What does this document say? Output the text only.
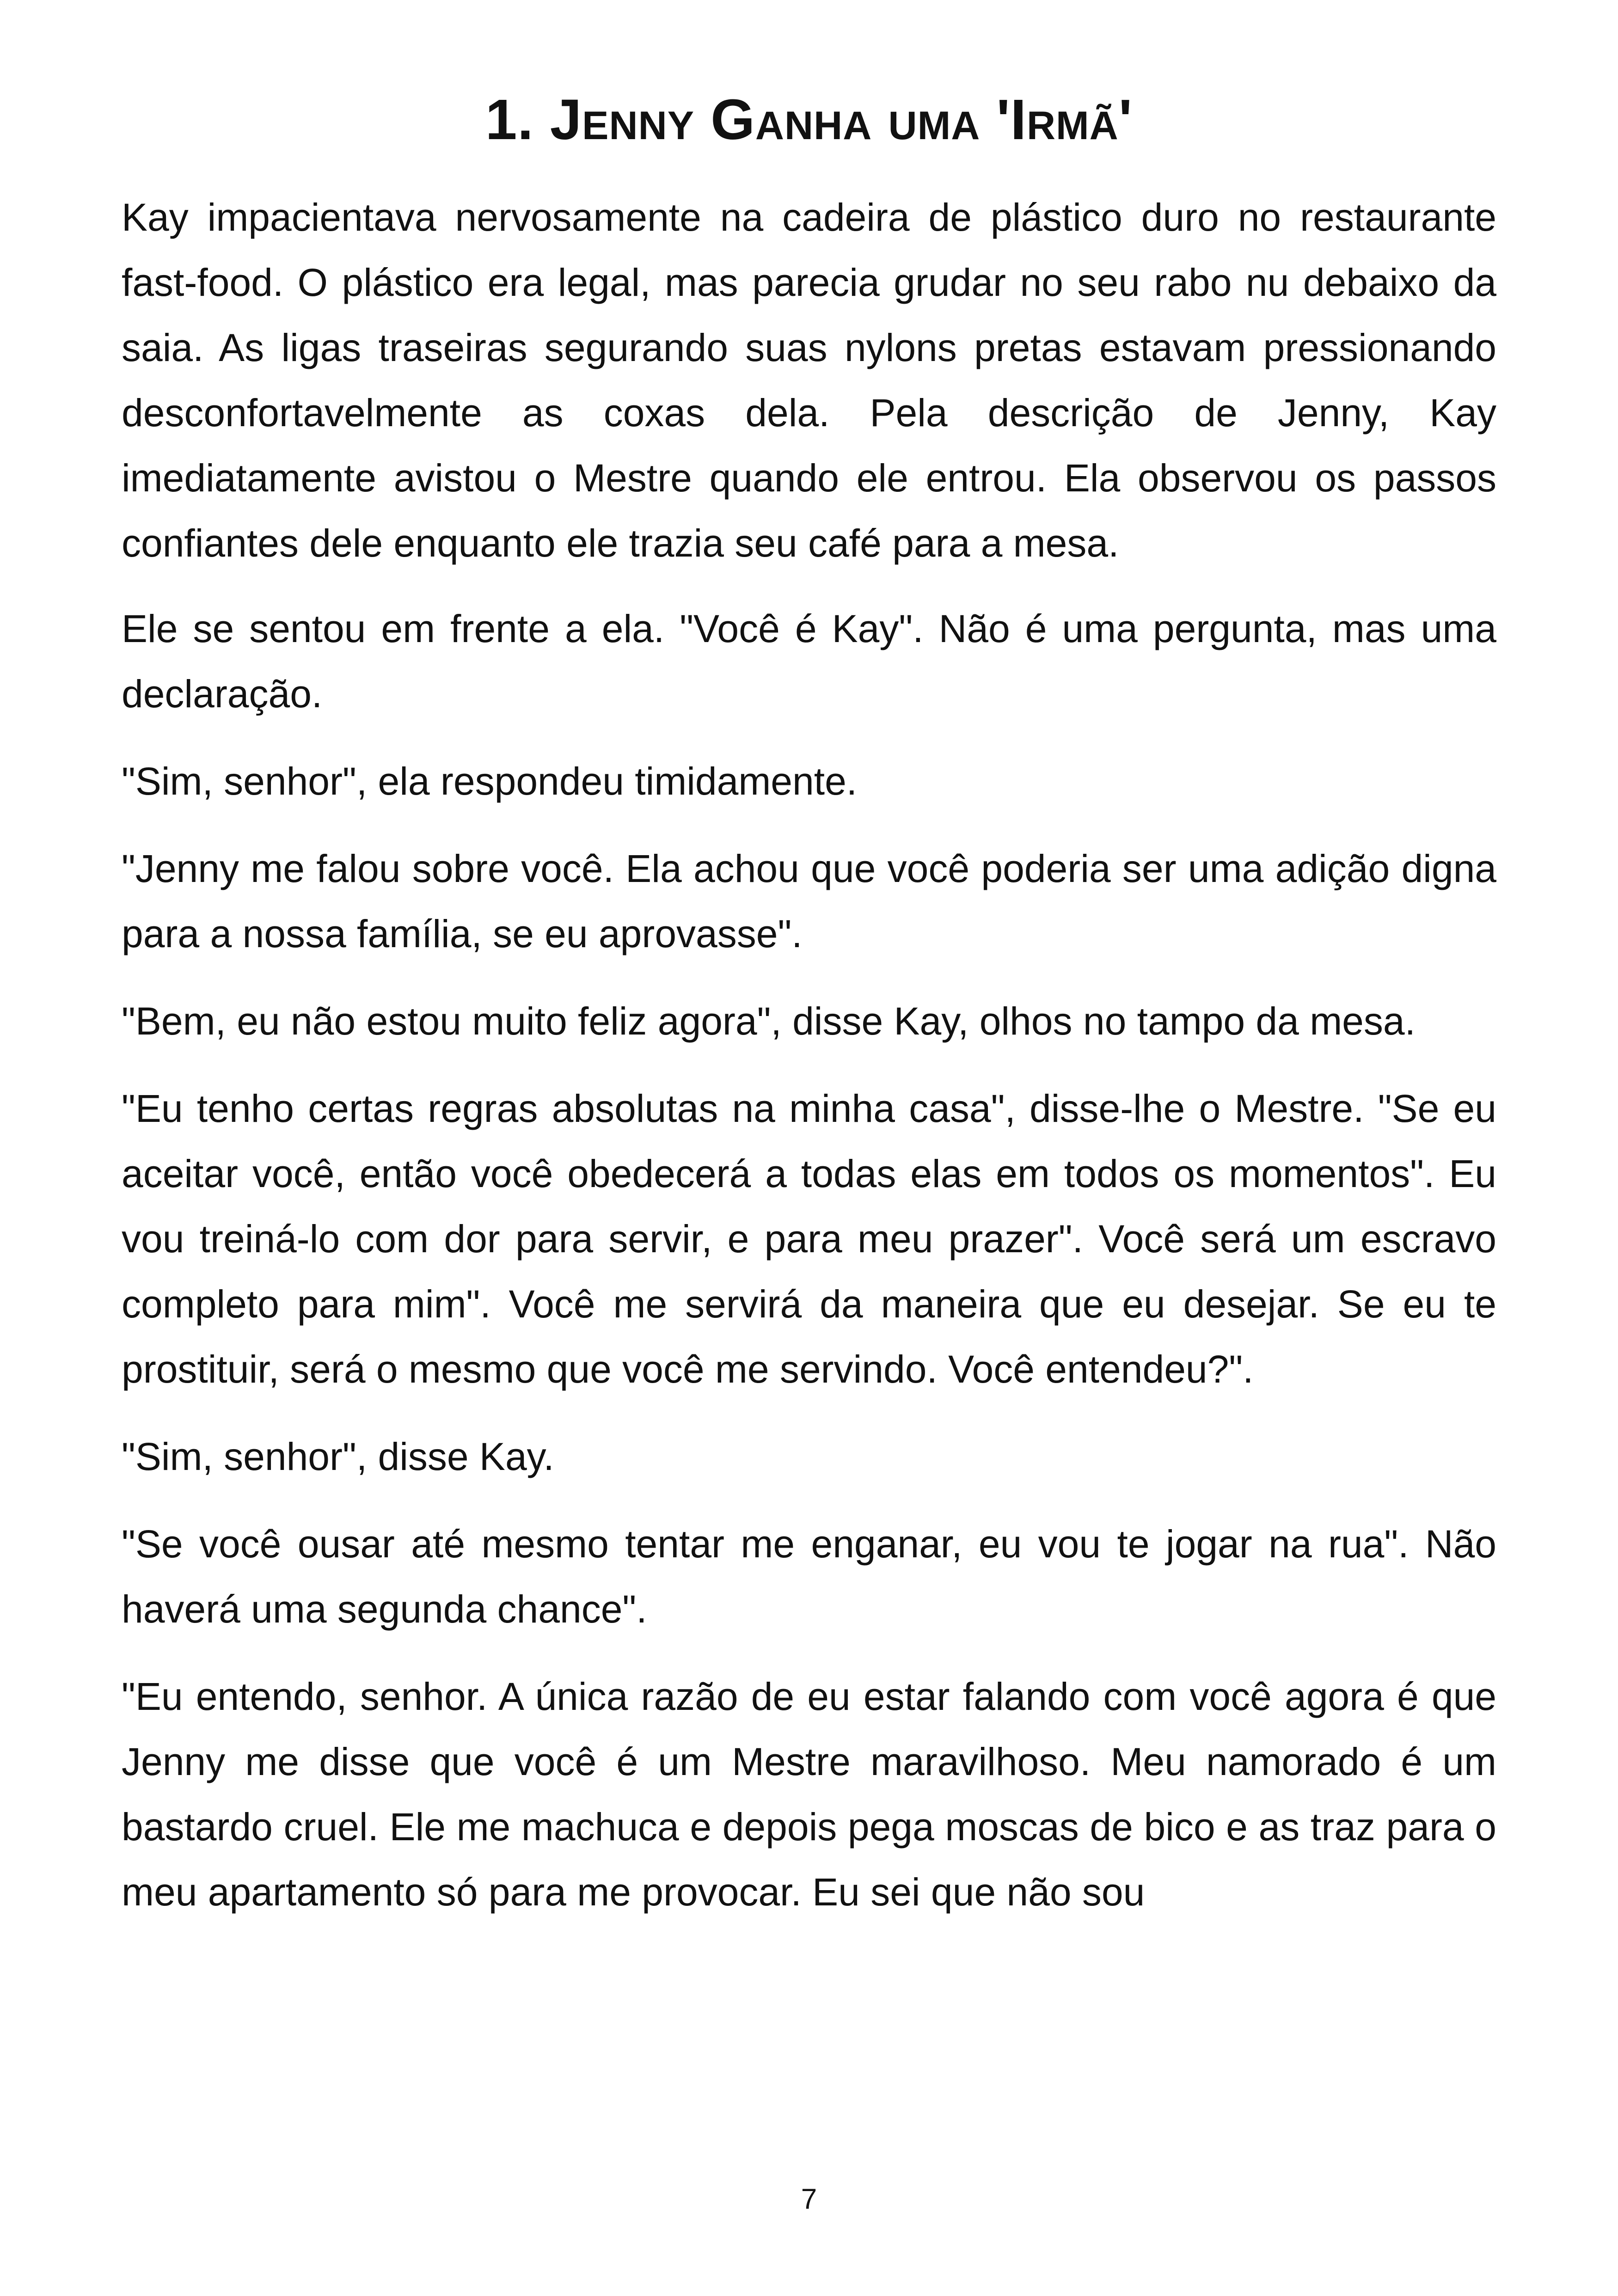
1. Jenny Ganha uma 'Irmã'

Kay impacientava nervosamente na cadeira de plástico duro no restaurante fast-food. O plástico era legal, mas parecia grudar no seu rabo nu debaixo da saia. As ligas traseiras segurando suas nylons pretas estavam pressionando desconfortavelmente as coxas dela. Pela descrição de Jenny, Kay imediatamente avistou o Mestre quando ele entrou. Ela observou os passos confiantes dele enquanto ele trazia seu café para a mesa.

Ele se sentou em frente a ela. "Você é Kay". Não é uma pergunta, mas uma declaração.

"Sim, senhor", ela respondeu timidamente.

"Jenny me falou sobre você. Ela achou que você poderia ser uma adição digna para a nossa família, se eu aprovasse".

"Bem, eu não estou muito feliz agora", disse Kay, olhos no tampo da mesa.

"Eu tenho certas regras absolutas na minha casa", disse-lhe o Mestre. "Se eu aceitar você, então você obedecerá a todas elas em todos os momentos". Eu vou treiná-lo com dor para servir, e para meu prazer". Você será um escravo completo para mim". Você me servirá da maneira que eu desejar. Se eu te prostituir, será o mesmo que você me servindo. Você entendeu?".

"Sim, senhor", disse Kay.

"Se você ousar até mesmo tentar me enganar, eu vou te jogar na rua". Não haverá uma segunda chance".

"Eu entendo, senhor. A única razão de eu estar falando com você agora é que Jenny me disse que você é um Mestre maravilhoso. Meu namorado é um bastardo cruel. Ele me machuca e depois pega moscas de bico e as traz para o meu apartamento só para me provocar. Eu sei que não sou

7
